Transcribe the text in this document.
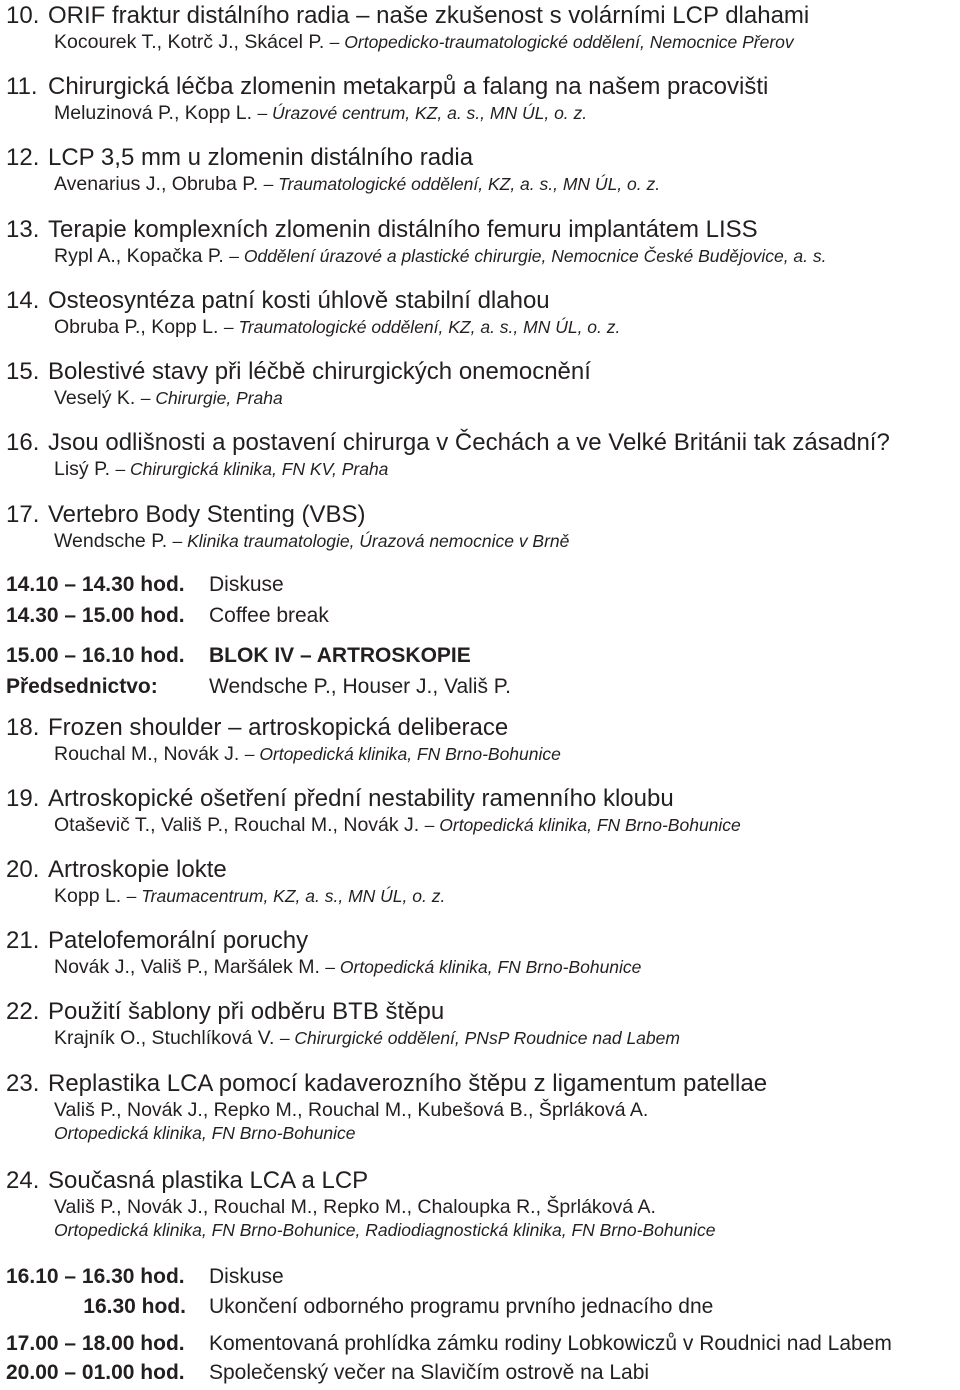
10. ORIF fraktur distálního radia – naše zkušenost s volárními LCP dlahami
Kocourek T., Kotrč J., Skácel P. – Ortopedicko-traumatologické oddělení, Nemocnice Přerov
11. Chirurgická léčba zlomenin metakarpů a falang na našem pracovišti
Meluzinová P., Kopp L. – Úrazové centrum, KZ, a. s., MN ÚL, o. z.
12. LCP 3,5 mm u zlomenin distálního radia
Avenarius J., Obruba P. – Traumatologické oddělení, KZ, a. s., MN ÚL, o. z.
13. Terapie komplexních zlomenin distálního femuru implantátem LISS
Rypl A., Kopačka P. – Oddělení úrazové a plastické chirurgie, Nemocnice České Budějovice, a. s.
14. Osteosyntéza patní kosti úhlově stabilní dlahou
Obruba P., Kopp L. – Traumatologické oddělení, KZ, a. s., MN ÚL, o. z.
15. Bolestivé stavy při léčbě chirurgických onemocnění
Veselý K. – Chirurgie, Praha
16. Jsou odlišnosti a postavení chirurga v Čechách a ve Velké Británii tak zásadní?
Lisý P. – Chirurgická klinika, FN KV, Praha
17. Vertebro Body Stenting (VBS)
Wendsche P. – Klinika traumatologie, Úrazová nemocnice v Brně
14.10 – 14.30 hod. Diskuse
14.30 – 15.00 hod. Coffee break
15.00 – 16.10 hod. BLOK IV – ARTROSKOPIE
Předsednictvo: Wendsche P., Houser J., Vališ P.
18. Frozen shoulder – artroskopická deliberace
Rouchal M., Novák J. – Ortopedická klinika, FN Brno-Bohunice
19. Artroskopické ošetření přední nestability ramenního kloubu
Otaševič T., Vališ P., Rouchal M., Novák J. – Ortopedická klinika, FN Brno-Bohunice
20. Artroskopie lokte
Kopp L. – Traumacentrum, KZ, a. s., MN ÚL, o. z.
21. Patelofemorální poruchy
Novák J., Vališ P., Maršálek M. – Ortopedická klinika, FN Brno-Bohunice
22. Použití šablony při odběru BTB štěpu
Krajník O., Stuchlíková V. – Chirurgické oddělení, PNsP Roudnice nad Labem
23. Replastika LCA pomocí kadaverozního štěpu z ligamentum patellae
Vališ P., Novák J., Repko M., Rouchal M., Kubešová B., Šprláková A.
Ortopedická klinika, FN Brno-Bohunice
24. Současná plastika LCA a LCP
Vališ P., Novák J., Rouchal M., Repko M., Chaloupka R., Šprláková A.
Ortopedická klinika, FN Brno-Bohunice, Radiodiagnostická klinika, FN Brno-Bohunice
16.10 – 16.30 hod. Diskuse
16.30 hod. Ukončení odborného programu prvního jednacího dne
17.00 – 18.00 hod. Komentovaná prohlídka zámku rodiny Lobkowiczů v Roudnici nad Labem
20.00 – 01.00 hod. Společenský večer na Slavičím ostrově na Labi
